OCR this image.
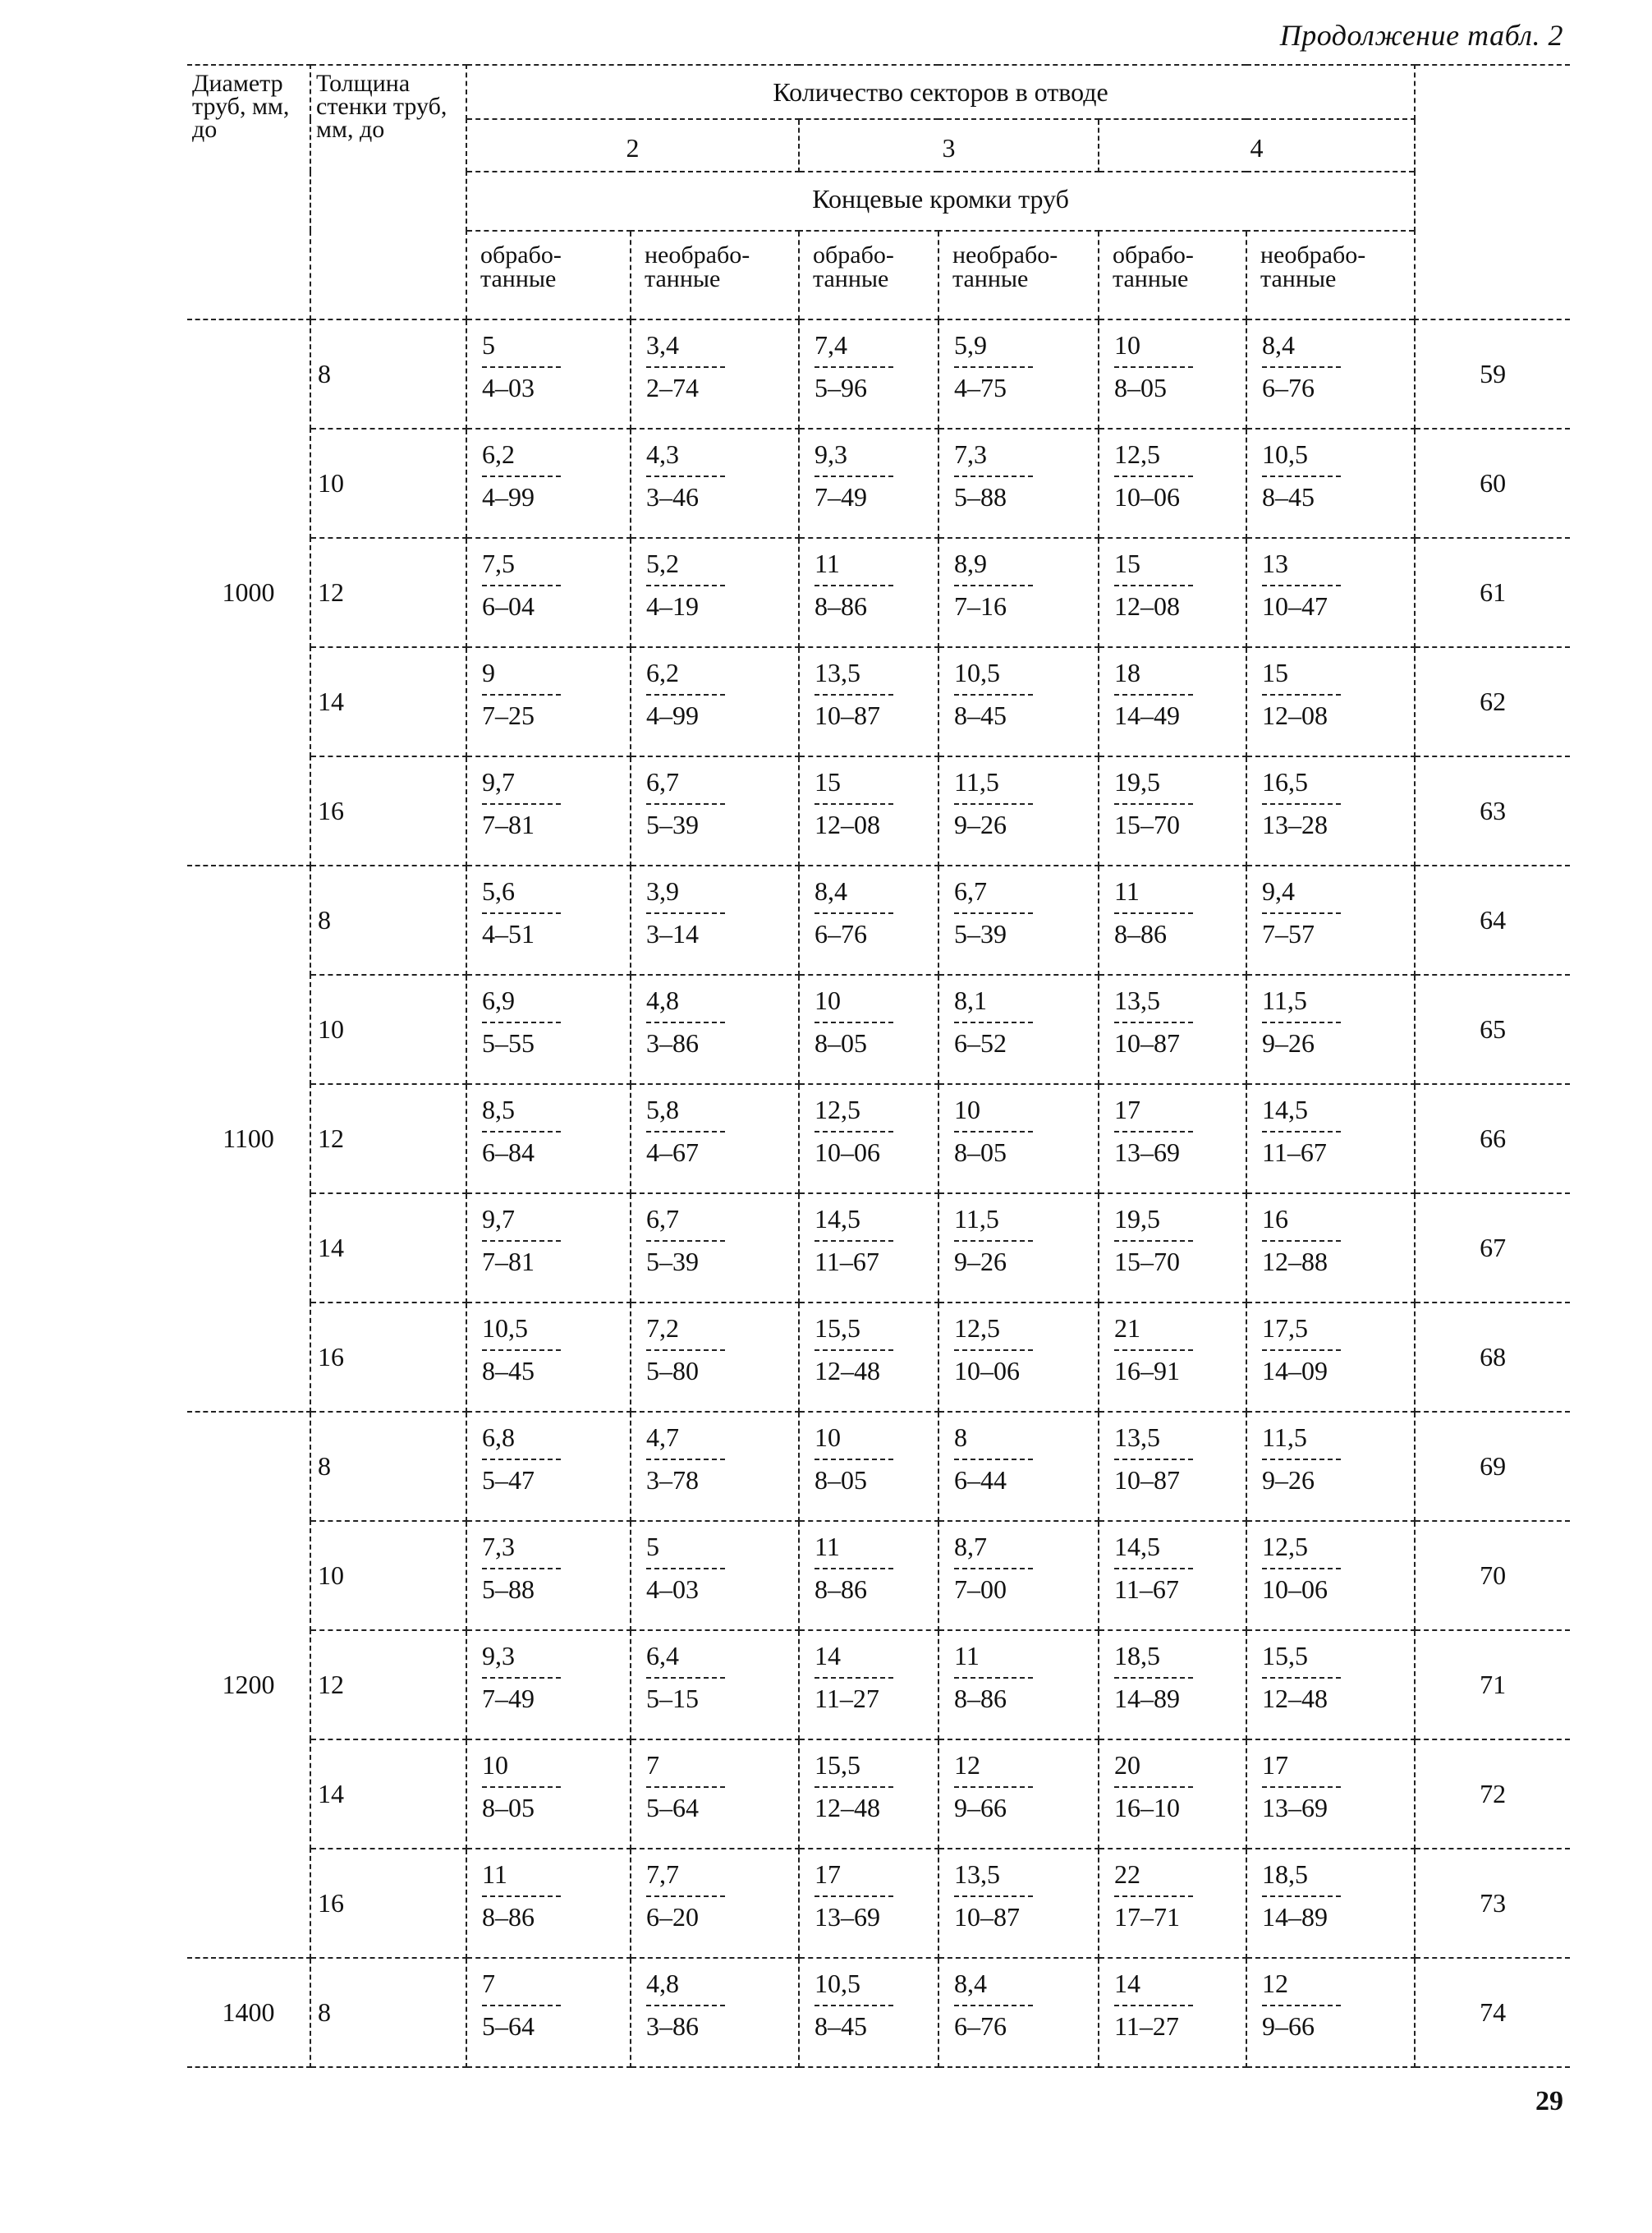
Продолжение табл. 2
Диаметр труб, мм, до	Толщина стенки труб, мм, до	Количество секторов в отводе						
		2		3		4		
		Концевые кромки труб						
		обрабо-танные	необрабо-танные	обрабо-танные	необрабо-танные	обрабо-танные	необрабо-танные	
1000	8	$\frac{5}{4-03}$	$\frac{3,4}{2-74}$	$\frac{7,4}{5-96}$	$\frac{5,9}{4-75}$	$\frac{10}{8-05}$	$\frac{8,4}{6-76}$	59
	10	$\frac{6,2}{4-99}$	$\frac{4,3}{3-46}$	$\frac{9,3}{7-49}$	$\frac{7,3}{5-88}$	$\frac{12,5}{10-06}$	$\frac{10,5}{8-45}$	60
	12	$\frac{7,5}{6-04}$	$\frac{5,2}{4-19}$	$\frac{11}{8-86}$	$\frac{8,9}{7-16}$	$\frac{15}{12-08}$	$\frac{13}{10-47}$	61
	14	$\frac{9}{7-25}$	$\frac{6,2}{4-99}$	$\frac{13,5}{10-87}$	$\frac{10,5}{8-45}$	$\frac{18}{14-49}$	$\frac{15}{12-08}$	62
	16	$\frac{9,7}{7-81}$	$\frac{6,7}{5-39}$	$\frac{15}{12-08}$	$\frac{11,5}{9-26}$	$\frac{19,5}{15-70}$	$\frac{16,5}{13-28}$	63
1100	8	$\frac{5,6}{4-51}$	$\frac{3,9}{3-14}$	$\frac{8,4}{6-76}$	$\frac{6,7}{5-39}$	$\frac{11}{8-86}$	$\frac{9,4}{7-57}$	64
	10	$\frac{6,9}{5-55}$	$\frac{4,8}{3-86}$	$\frac{10}{8-05}$	$\frac{8,1}{6-52}$	$\frac{13,5}{10-87}$	$\frac{11,5}{9-26}$	65
	12	$\frac{8,5}{6-84}$	$\frac{5,8}{4-67}$	$\frac{12,5}{10-06}$	$\frac{10}{8-05}$	$\frac{17}{13-69}$	$\frac{14,5}{11-67}$	66
	14	$\frac{9,7}{7-81}$	$\frac{6,7}{5-39}$	$\frac{14,5}{11-67}$	$\frac{11,5}{9-26}$	$\frac{19,5}{15-70}$	$\frac{16}{12-88}$	67
	16	$\frac{10,5}{8-45}$	$\frac{7,2}{5-80}$	$\frac{15,5}{12-48}$	$\frac{12,5}{10-06}$	$\frac{21}{16-91}$	$\frac{17,5}{14-09}$	68
1200	8	$\frac{6,8}{5-47}$	$\frac{4,7}{3-78}$	$\frac{10}{8-05}$	$\frac{8}{6-44}$	$\frac{13,5}{10-87}$	$\frac{11,5}{9-26}$	69
	10	$\frac{7,3}{5-88}$	$\frac{5}{4-03}$	$\frac{11}{8-86}$	$\frac{8,7}{7-00}$	$\frac{14,5}{11-67}$	$\frac{12,5}{10-06}$	70
	12	$\frac{9,3}{7-49}$	$\frac{6,4}{5-15}$	$\frac{14}{11-27}$	$\frac{11}{8-86}$	$\frac{18,5}{14-89}$	$\frac{15,5}{12-48}$	71
	14	$\frac{10}{8-05}$	$\frac{7}{5-64}$	$\frac{15,5}{12-48}$	$\frac{12}{9-66}$	$\frac{20}{16-10}$	$\frac{17}{13-69}$	72
	16	$\frac{11}{8-86}$	$\frac{7,7}{6-20}$	$\frac{17}{13-69}$	$\frac{13,5}{10-87}$	$\frac{22}{17-71}$	$\frac{18,5}{14-89}$	73
1400	8	$\frac{7}{5-64}$	$\frac{4,8}{3-86}$	$\frac{10,5}{8-45}$	$\frac{8,4}{6-76}$	$\frac{14}{11-27}$	$\frac{12}{9-66}$	74
29
